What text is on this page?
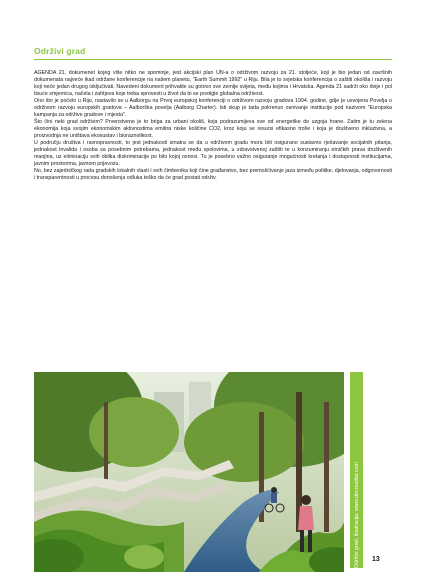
Održivi grad

AGENDA 21, dokumenet kojeg više nitko ne spominje, jest akcijski plan UN-a o održivom razvoju za 21. stoljeće, koji je bio jedan od završnih dokumenata najveće ikad održane konferencije na našem planetu, "Earth Summit 1992" u Riju. Bila je to svjetska konferencija o zaštiti okoliša i razvoju koji neće jedan drugog isključivati. Navedeni dokument prihvatile su gotovo sve zemlje svijeta, među kojima i Hrvatska. Agenda 21 sadrži oko dvije i pol tisuće smjernica, načela i zahtjeva koje treba sprovesti u život da bi se postigle globalna održivost.

Ono što je počelo u Riju, nastavilo se u Aalborgu na Prvoj europskoj konferenciji o održivom razvoju gradova 1994. godine, gdje je usvojena Povelja o održivom razvoju europskih gradova – Aalborška povelja (Aalborg Charter). Isti skup je tada pokrenuo osnivanje institucije pod nazivom "Europska kampanja za održive gradove i mjesta".

Što čini neki grad održivim? Prvenstveno je to briga za urbani okoliš, koja podrazumijeva sve od energetike do uzgoja hrane. Zatim je tu zelena ekonomija koja svojim ekonomskim aktivnostima emitira niske količine CO2, kroz koju se resursi efikasno troše i koja je društveno inkluzivna, a proizvodnja ne uništava ekosustav i bioraznolikost.

U području društva i ravnopravnosti, to jest jednakosti smatra se da u održivom gradu mora biti osigurano sustavno rješavanje socijalnih pitanja, jednakost invalida i osoba sa posebnim potrebama, jednakost među spolovima, u zdravstvenoj zaštiti te u konzumiranju etničkih prava društvenih manjina, uz eliminaciju svih oblika diskriminacije po bilo kojoj osnovi. Tu je posebno važno osiguranje mogućnosti kretanja i dostupnosti institucijama, javnim prostorima, javnom prijevozu.

No, bez zajedničkog rada gradskih lokalnih vlasti i svih čimbenika koji čine građanstvo, bez premošćivanje jaza između politike, djelovanja, odgovornosti i transparentnosti u procesu donošenja odluka teško da će grad postati održiv.

Održivi grad, ilustracija: www.decorallist.com 13
